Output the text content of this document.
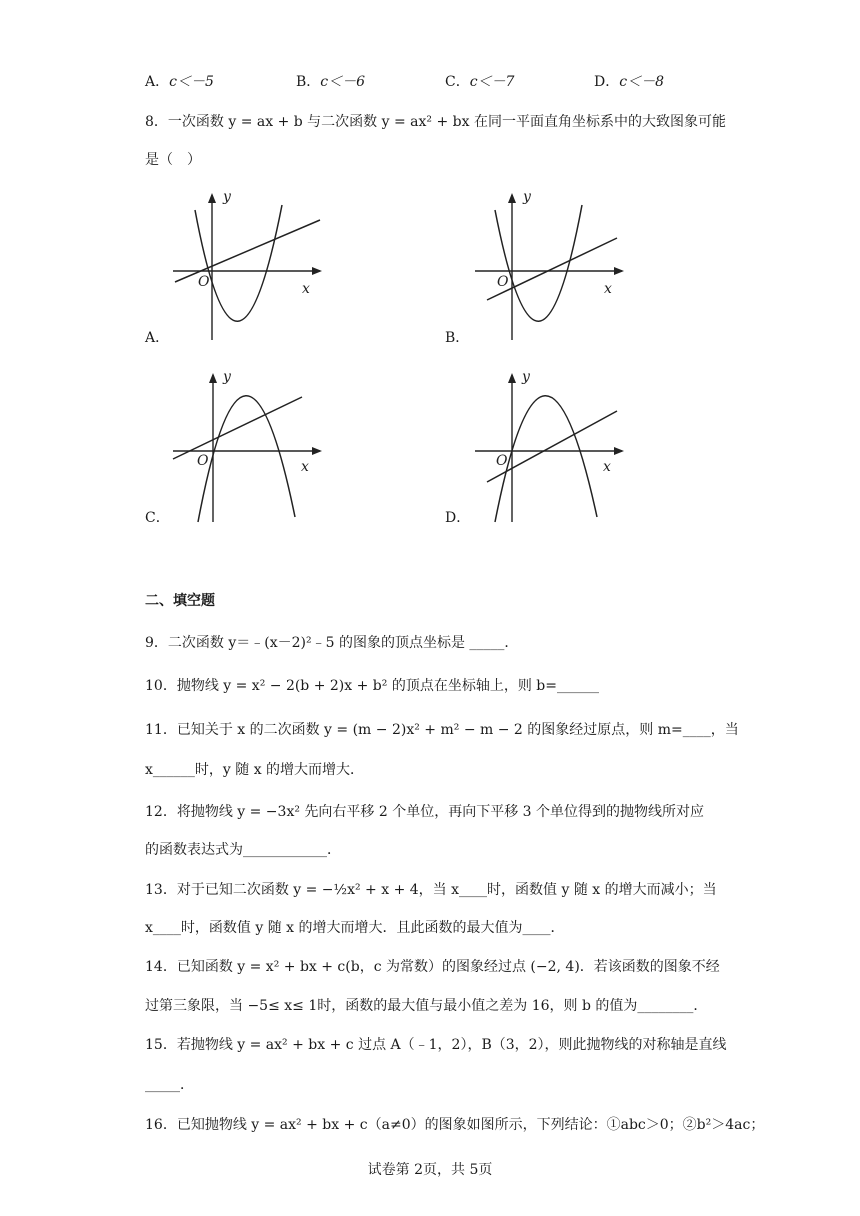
A．c＜－5	B．c＜－6	C．c＜－7	D．c＜－8
8．一次函数 y = ax + b 与二次函数 y = ax² + bx 在同一平面直角坐标系中的大致图象可能
是（　）
y
x
O
A．
y
x
O
B．
y
x
O
C．
y
x
O
D．
二、填空题
9．二次函数 y＝﹣(x－2)²﹣5 的图象的顶点坐标是 _____．
10．抛物线 y = x² − 2(b + 2)x + b² 的顶点在坐标轴上，则 b=______
11．已知关于 x 的二次函数 y = (m − 2)x² + m² − m − 2 的图象经过原点，则 m=____，当
x______时，y 随 x 的增大而增大．
12．将抛物线 y = −3x² 先向右平移 2 个单位，再向下平移 3 个单位得到的抛物线所对应
的函数表达式为____________．
13．对于已知二次函数 y = −½x² + x + 4，当 x____时，函数值 y 随 x 的增大而减小；当
x____时，函数值 y 随 x 的增大而增大．且此函数的最大值为____．
14．已知函数 y = x² + bx + c(b，c 为常数）的图象经过点 (−2, 4)．若该函数的图象不经
过第三象限，当 −5≤ x≤ 1时，函数的最大值与最小值之差为 16，则 b 的值为________．
15．若抛物线 y = ax² + bx + c 过点 A（﹣1，2），B（3，2），则此抛物线的对称轴是直线
_____．
16．已知抛物线 y = ax² + bx + c（a≠0）的图象如图所示，下列结论：①abc＞0；②b²＞4ac；
试卷第 2页，共 5页
